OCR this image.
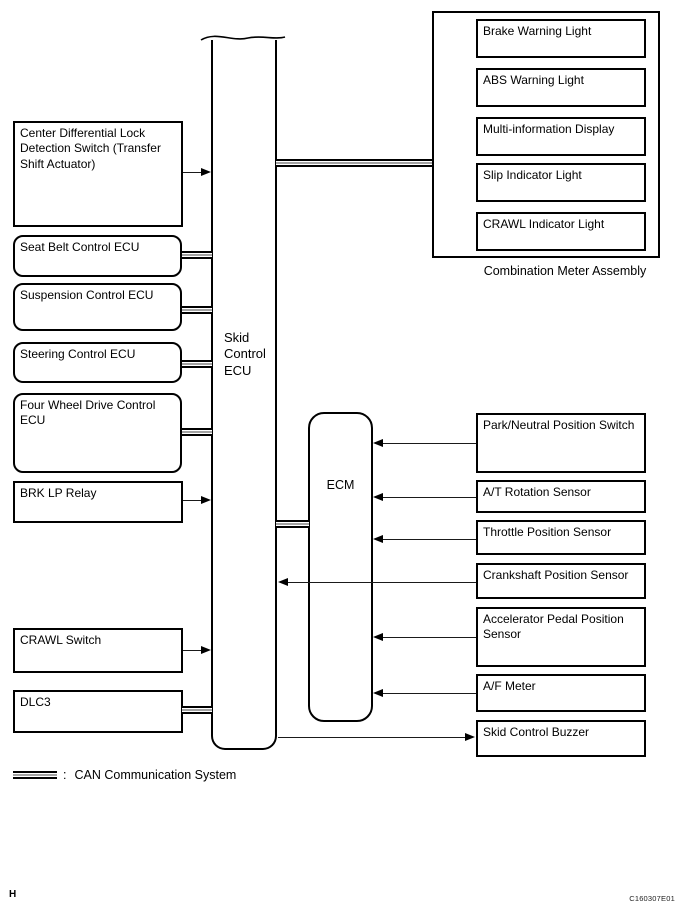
Skid Control ECU
Center Differential Lock Detection Switch (Transfer Shift Actuator)
Seat Belt Control ECU
Suspension Control ECU
Steering Control ECU
Four Wheel Drive Control ECU
BRK LP Relay
CRAWL Switch
DLC3
Brake Warning Light
ABS Warning Light
Multi-information Display
Slip Indicator Light
CRAWL Indicator Light
Combination Meter Assembly
ECM
Park/Neutral Position Switch
A/T Rotation Sensor
Throttle Position Sensor
Crankshaft Position Sensor
Accelerator Pedal Position Sensor
A/F Meter
Skid Control Buzzer
: CAN Communication System
H	C160307E01
